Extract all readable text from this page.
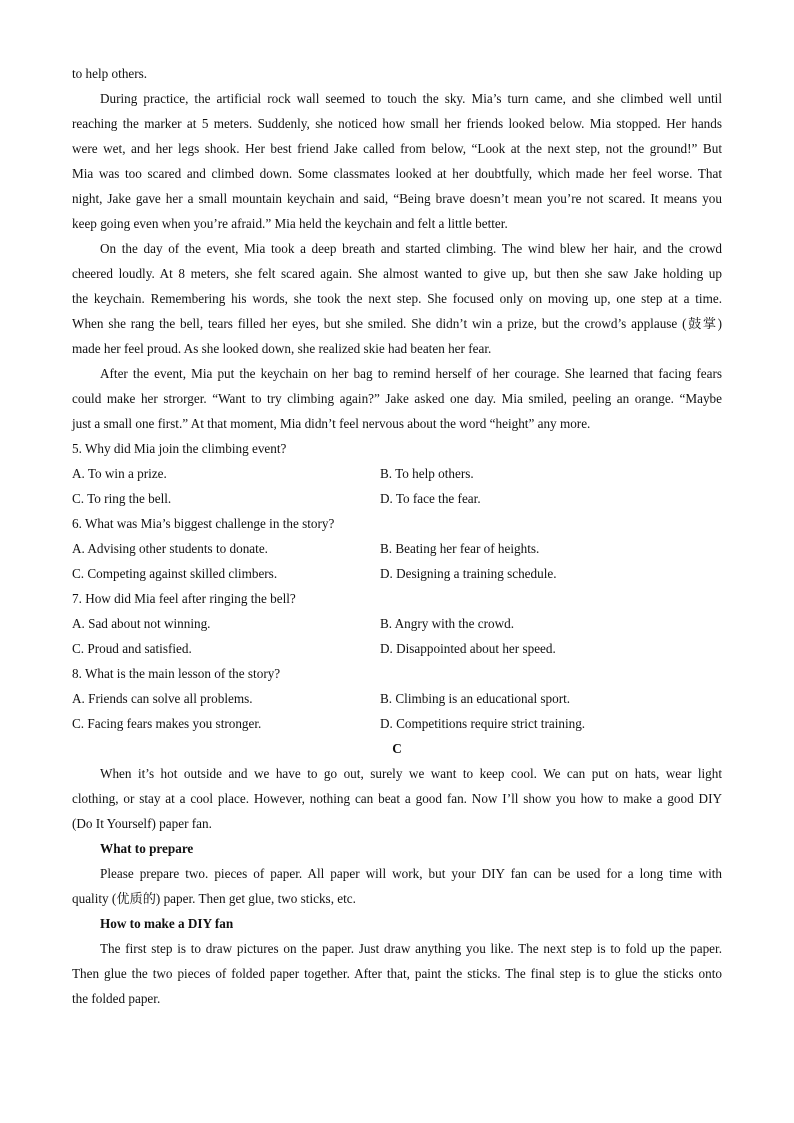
to help others.
During practice, the artificial rock wall seemed to touch the sky. Mia’s turn came, and she climbed well until
reaching the marker at 5 meters. Suddenly, she noticed how small her friends looked below. Mia stopped. Her hands
were wet, and her legs shook. Her best friend Jake called from below, “Look at the next step, not the ground!” But
Mia was too scared and climbed down. Some classmates looked at her doubtfully, which made her feel worse. That
night, Jake gave her a small mountain keychain and said, “Being brave doesn’t mean you’re not scared. It means you
keep going even when you’re afraid.” Mia held the keychain and felt a little better.
On the day of the event, Mia took a deep breath and started climbing. The wind blew her hair, and the crowd
cheered loudly. At 8 meters, she felt scared again. She almost wanted to give up, but then she saw Jake holding up
the keychain. Remembering his words, she took the next step. She focused only on moving up, one step at a time.
When she rang the bell, tears filled her eyes, but she smiled. She didn’t win a prize, but the crowd’s applause (鼓掌)
made her feel proud. As she looked down, she realized skie had beaten her fear.
After the event, Mia put the keychain on her bag to remind herself of her courage. She learned that facing fears
could make her strorger. “Want to try climbing again?” Jake asked one day. Mia smiled, peeling an orange. “Maybe
just a small one first.” At that moment, Mia didn’t feel nervous about the word “height” any more.
5. Why did Mia join the climbing event?
A. To win a prize.	B. To help others.
C. To ring the bell.	D. To face the fear.
6. What was Mia’s biggest challenge in the story?
A. Advising other students to donate.	B. Beating her fear of heights.
C. Competing against skilled climbers.	D. Designing a training schedule.
7. How did Mia feel after ringing the bell?
A. Sad about not winning.	B. Angry with the crowd.
C. Proud and satisfied.	D. Disappointed about her speed.
8. What is the main lesson of the story?
A. Friends can solve all problems.	B. Climbing is an educational sport.
C. Facing fears makes you stronger.	D. Competitions require strict training.
C
When it’s hot outside and we have to go out, surely we want to keep cool. We can put on hats, wear light
clothing, or stay at a cool place. However, nothing can beat a good fan. Now I’ll show you how to make a good DIY
(Do It Yourself) paper fan.
What to prepare
Please prepare two. pieces of paper. All paper will work, but your DIY fan can be used for a long time with
quality (优质的) paper. Then get glue, two sticks, etc.
How to make a DIY fan
The first step is to draw pictures on the paper. Just draw anything you like. The next step is to fold up the paper.
Then glue the two pieces of folded paper together. After that, paint the sticks. The final step is to glue the sticks onto
the folded paper.
